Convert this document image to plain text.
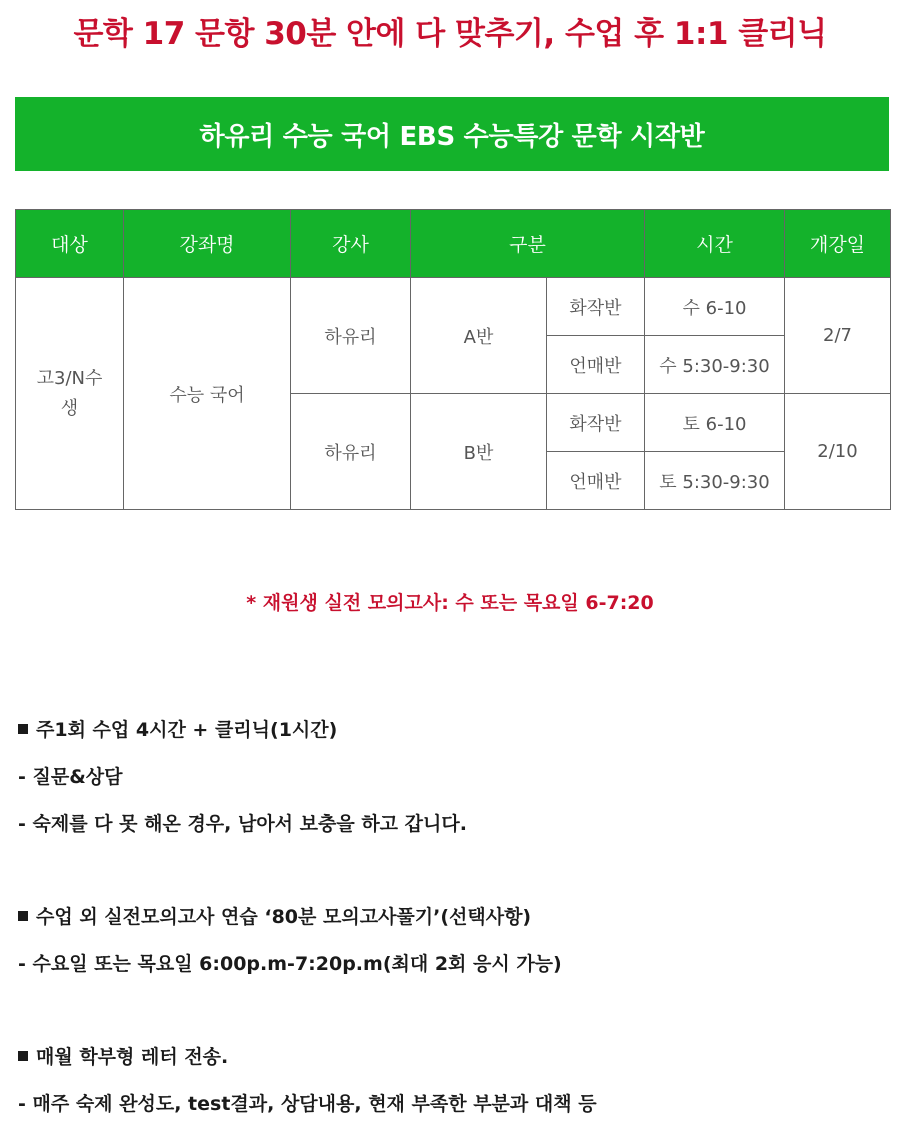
문학 17 문항 30분 안에 다 맞추기, 수업 후 1:1 클리닉
하유리 수능 국어 EBS 수능특강 문학 시작반
대상	강좌명	강사	구분		시간	개강일
고3/N수생	수능 국어	하유리	A반	화작반	수 6-10	2/7
				언매반	수 5:30-9:30	
		하유리	B반	화작반	토 6-10	2/10
				언매반	토 5:30-9:30	
* 재원생 실전 모의고사: 수 또는 목요일 6-7:20
주1회 수업 4시간 + 클리닉(1시간)
- 질문&상담
- 숙제를 다 못 해온 경우, 남아서 보충을 하고 갑니다.
수업 외 실전모의고사 연습 ‘80분 모의고사풀기’(선택사항)
- 수요일 또는 목요일 6:00p.m-7:20p.m(최대 2회 응시 가능)
매월 학부형 레터 전송.
- 매주 숙제 완성도, test결과, 상담내용, 현재 부족한 부분과 대책 등
